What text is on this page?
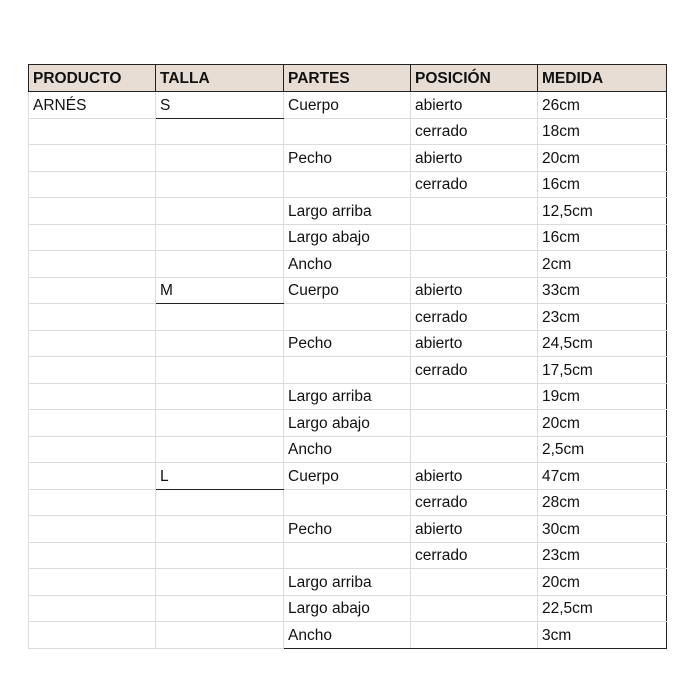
PRODUCTO	TALLA	PARTES	POSICIÓN	MEDIDA
ARNÉS	S	Cuerpo	abierto	26cm
			cerrado	18cm
		Pecho	abierto	20cm
			cerrado	16cm
		Largo arriba		12,5cm
		Largo abajo		16cm
		Ancho		2cm
	M	Cuerpo	abierto	33cm
			cerrado	23cm
		Pecho	abierto	24,5cm
			cerrado	17,5cm
		Largo arriba		19cm
		Largo abajo		20cm
		Ancho		2,5cm
	L	Cuerpo	abierto	47cm
			cerrado	28cm
		Pecho	abierto	30cm
			cerrado	23cm
		Largo arriba		20cm
		Largo abajo		22,5cm
		Ancho		3cm
